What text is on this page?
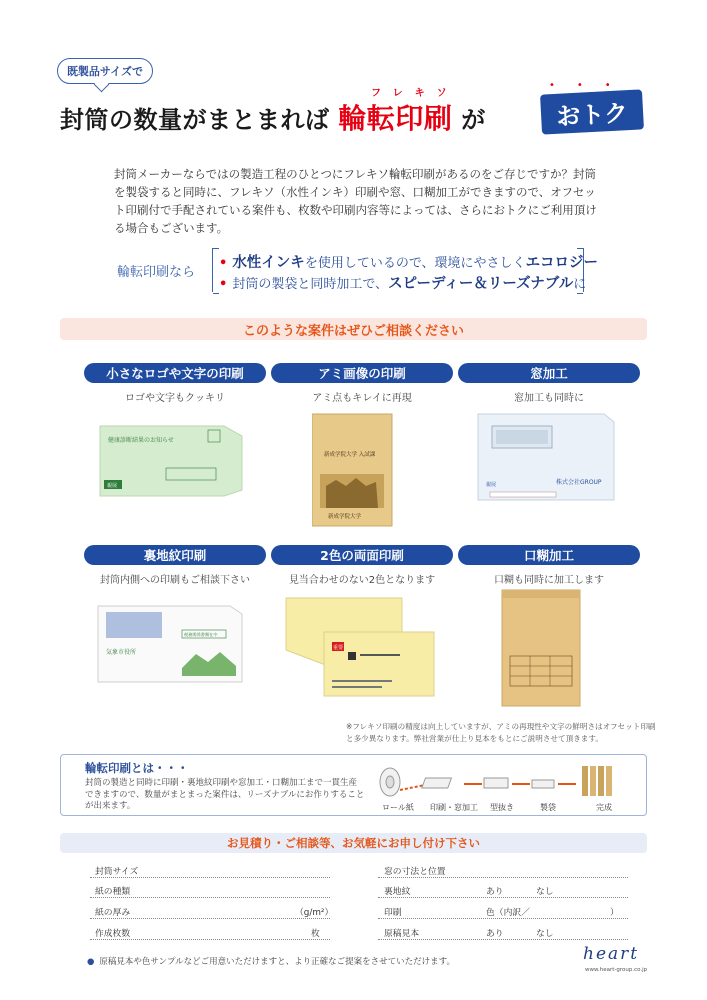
既製品サイズで
フレキソ
封筒の数量がまとまれば 輪転印刷 が
•••
おトク
封筒メーカーならではの製造工程のひとつにフレキソ輪転印刷があるのをご存じですか？封筒を製袋すると同時に、フレキソ（水性インキ）印刷や窓、口糊加工ができますので、オフセット印刷付で手配されている案件も、枚数や印刷内容等によっては、さらにおトクにご利用頂ける場合もございます。
輪転印刷なら
• 水性インキを使用しているので、環境にやさしくエコロジー
• 封筒の製袋と同時加工で、スピーディー＆リーズナブルに
このような案件はぜひご相談ください
小さなロゴや文字の印刷
ロゴや文字もクッキリ
アミ画像の印刷
アミ点もキレイに再現
窓加工
窓加工も同時に
健康診断結果のお知らせ
親展
新成学院大学 入試課
新成学院大学
株式会社GROUP
親展
裏地紋印刷
封筒内側への印刷もご相談下さい
2色の両面印刷
見当合わせのない2色となります
口糊加工
口糊も同時に加工します
税務関係書類在中
気象市役所
重要
※フレキソ印刷の精度は向上していますが、アミの再現性や文字の鮮明さはオフセット印刷と多少異なります。弊社営業が仕上り見本をもとにご説明させて頂きます。
輪転印刷とは・・・
封筒の製造と同時に印刷・裏地紋印刷や窓加工・口糊加工まで一貫生産できますので、数量がまとまった案件は、リーズナブルにお作りすることが出来ます。	ロール紙 印刷・窓加工 型抜き	製袋	完成
お見積り・ご相談等、お気軽にお申し付け下さい
封筒サイズ
紙の種類
紙の厚み	（g/m²）
作成枚数	枚
窓の寸法と位置
裏地紋	あり	なし
印刷	色（内訳／	）
原稿見本	あり	なし
● 原稿見本や色サンプルなどご用意いただけますと、より正確なご提案をさせていただけます。	heart
www.heart-group.co.jp
